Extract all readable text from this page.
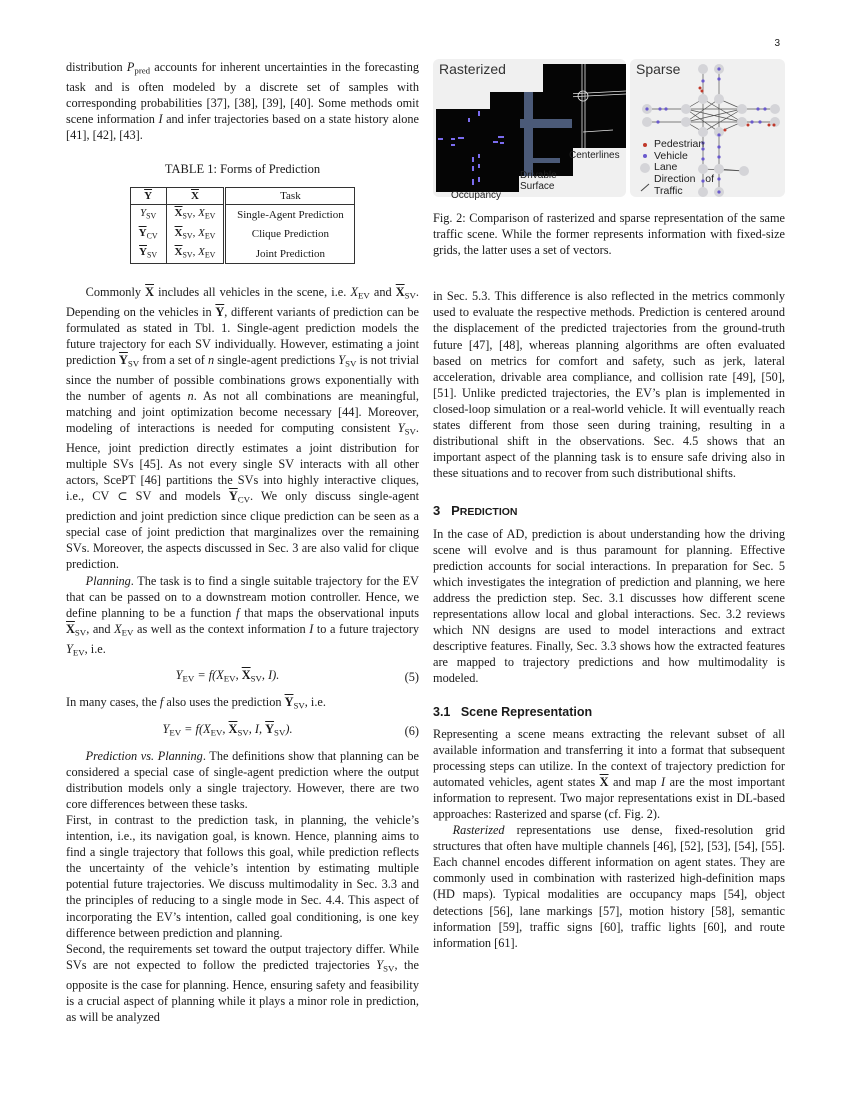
3

distribution $P_{pred}$ accounts for inherent uncertainties in the forecasting task and is often modeled by a discrete set of samples with corresponding probabilities [37], [38], [39], [40]. Some methods omit scene information I and infer trajectories based on a state history alone [41], [42], [43].

TABLE 1: Forms of Prediction
$\overline{Y}$	$\overline{X}$	Task
$Y_{SV}$	$\overline{X}_{SV}$, $X_{EV}$	Single-Agent Prediction
$\overline{Y}_{CV}$	$\overline{X}_{SV}$, $X_{EV}$	Clique Prediction
$\overline{Y}_{SV}$	$\overline{X}_{SV}$, $X_{EV}$	Joint Prediction

Commonly $\overline{X}$ includes all vehicles in the scene, i.e. $X_{EV}$ and $\overline{X}_{SV}$. Depending on the vehicles in $\overline{Y}$, different variants of prediction can be formulated as stated in Tbl. 1. Single-agent prediction models the future trajectory for each SV individually. However, estimating a joint prediction $\overline{Y}_{SV}$ from a set of n single-agent predictions $Y_{SV}$ is not trivial since the number of possible combinations grows exponentially with the number of agents n. As not all combinations are meaningful, matching and joint optimization become necessary [44]. Moreover, modeling of interactions is needed for computing consistent $Y_{SV}$. Hence, joint prediction directly estimates a joint distribution for multiple SVs [45]. As not every single SV interacts with all other actors, ScePT [46] partitions the SVs into highly interactive cliques, i.e., CV ⊂ SV and models $\overline{Y}_{CV}$. We only discuss single-agent prediction and joint prediction since clique prediction can be seen as a special case of joint prediction that marginalizes over the remaining SVs. Moreover, the aspects discussed in Sec. 3 are also valid for clique prediction.

Planning. The task is to find a single suitable trajectory for the EV that can be passed on to a downstream motion controller. Hence, we define planning to be a function f that maps the observational inputs $\overline{X}_{SV}$, and $X_{EV}$ as well as the context information I to a future trajectory $Y_{EV}$, i.e.

$Y_{EV} = f(X_{EV}$, $\overline{X}_{SV}$, I).	(5)

In many cases, the f also uses the prediction $\overline{Y}_{SV}$, i.e.

$Y_{EV} = f(X_{EV}$, $\overline{X}_{SV}$, I, $\overline{Y}_{SV}$).	(6)

Prediction vs. Planning. The definitions show that planning can be considered a special case of single-agent prediction where the output distribution models only a single trajectory. However, there are two core differences between these tasks.

First, in contrast to the prediction task, in planning, the vehicle’s intention, i.e., its navigation goal, is known. Hence, planning aims to find a single trajectory that follows this goal, while prediction reflects the uncertainty of the vehicle’s intention by estimating multiple potential future trajectories. We discuss multimodality in Sec. 3.3 and the principles of reducing to a single mode in Sec. 4.4. This aspect of incorporating the EV’s intention, called goal conditioning, is one key difference between prediction and planning.

Second, the requirements set toward the output trajectory differ. While SVs are not expected to follow the predicted trajectories $Y_{SV}$, the opposite is the case for planning. Hence, ensuring safety and feasibility is a crucial aspect of planning while it plays a minor role in prediction, as will be analyzed

Rasterized
Centerlines
Drivable Surface
Occupancy
Sparse
Pedestrian
Vehicle
Lane
Direction of Traffic

Fig. 2: Comparison of rasterized and sparse representation of the same traffic scene. While the former represents information with fixed-size grids, the latter uses a set of vectors.

in Sec. 5.3. This difference is also reflected in the metrics commonly used to evaluate the respective methods. Prediction is centered around the displacement of the predicted trajectories from the ground-truth future [47], [48], whereas planning algorithms are often evaluated based on metrics for comfort and safety, such as jerk, lateral acceleration, drivable area compliance, and collision rate [49], [50], [51]. Unlike predicted trajectories, the EV’s plan is implemented in closed-loop simulation or a real-world vehicle. It will eventually reach states different from those seen during training, resulting in a distributional shift in the observations. Sec. 4.5 shows that an important aspect of the planning task is to ensure safe driving also in these situations and to recover from such distributional shifts.

3 PREDICTION

In the case of AD, prediction is about understanding how the driving scene will evolve and is thus paramount for planning. Effective prediction accounts for social interactions. In preparation for Sec. 5 which investigates the integration of prediction and planning, we here address the prediction step. Sec. 3.1 discusses how different scene representations allow local and global interactions. Sec. 3.2 reviews which NN designs are used to model interactions and extract descriptive features. Finally, Sec. 3.3 shows how the extracted features are mapped to trajectory predictions and how multimodality is modeled.

3.1 Scene Representation

Representing a scene means extracting the relevant subset of all available information and transferring it into a format that subsequent processing steps can utilize. In the context of trajectory prediction for automated vehicles, agent states $\overline{X}$ and map I are the most important information to represent. Two major representations exist in DL-based approaches: Rasterized and sparse (cf. Fig. 2).

Rasterized representations use dense, fixed-resolution grid structures that often have multiple channels [46], [52], [53], [54], [55]. Each channel encodes different information on agent states. They are commonly used in combination with rasterized high-definition maps (HD maps). Typical modalities are occupancy maps [54], object detections [56], lane markings [57], motion history [58], semantic information [59], traffic signs [60], traffic lights [60], and route information [61].
